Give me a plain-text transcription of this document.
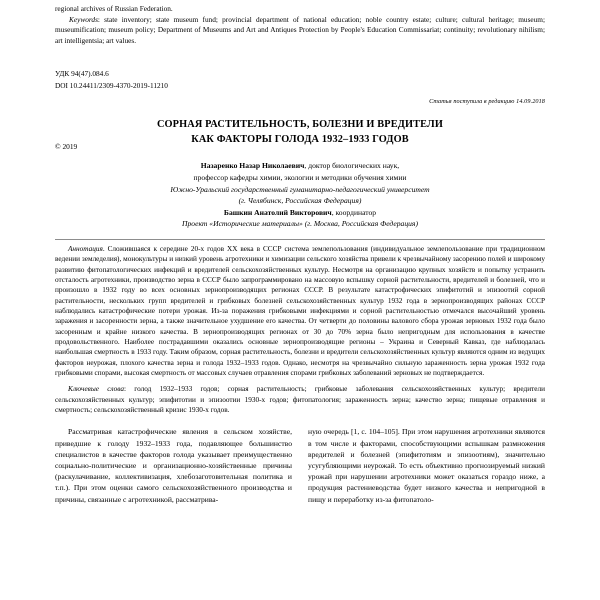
regional archives of Russian Federation.

Keywords: state inventory; state museum fund; provincial department of national education; noble country estate; culture; cultural heritage; museum; museumification; museum policy; Department of Museums and Art and Antiques Protection by People's Education Commissariat; continuity; revolutionary nihilism; art intelligentsia; art values.

УДК 94(47).084.6
DOI 10.24411/2309-4370-2019-11210
Статья поступила в редакцию 14.09.2018
СОРНАЯ РАСТИТЕЛЬНОСТЬ, БОЛЕЗНИ И ВРЕДИТЕЛИ
КАК ФАКТОРЫ ГОЛОДА 1932–1933 ГОДОВ
© 2019
Назаренко Назар Николаевич, доктор биологических наук,
профессор кафедры химии, экологии и методики обучения химии
Южно-Уральский государственный гуманитарно-педагогический университет
(г. Челябинск, Российская Федерация)
Башкин Анатолий Викторович, координатор
Проект «Исторические материалы» (г. Москва, Российская Федерация)

Аннотация. Сложившаяся к середине 20-х годов XX века в СССР система землепользования (индивидуальное землепользование при традиционном ведении земледелия), монокультуры и низкий уровень агротехники и химизации сельского хозяйства привели к чрезвычайному засорению полей и широкому развитию фитопатологических инфекций и вредителей сельскохозяйственных культур. Несмотря на организацию крупных хозяйств и попытку устранить отсталость агротехники, производство зерна в СССР было запрограммировано на массовую вспышку сорной растительности, вредителей и болезней, что и произошло в 1932 году во всех основных зернопроизводящих регионах СССР. В результате катастрофических эпифитотий и эпизоотий сорной растительности, нескольких групп вредителей и грибковых болезней сельскохозяйственных культур 1932 года в зернопроизводящих районах СССР наблюдались катастрофические потери урожая. Из-за поражения грибковыми инфекциями и сорной растительностью отмечался высочайший уровень заражения и засоренности зерна, а также значительное ухудшение его качества. От четверти до половины валового сбора урожая зерновых 1932 года было засоренным и крайне низкого качества. В зернопроизводящих регионах от 30 до 70% зерна было непригодным для использования в качестве продовольственного. Наиболее пострадавшими оказались основные зернопроизводящие регионы – Украина и Северный Кавказ, где наблюдалась наибольшая смертность в 1933 году. Таким образом, сорная растительность, болезни и вредители сельскохозяйственных культур являются одним из ведущих факторов неурожая, плохого качества зерна и голода 1932–1933 годов. Однако, несмотря на чрезвычайно сильную зараженность зерна урожая 1932 года грибковыми спорами, высокая смертность от массовых случаев отравления спорами грибковых заболеваний зерновых не подтверждается.

Ключевые слова: голод 1932–1933 годов; сорная растительность; грибковые заболевания сельскохозяйственных культур; вредители сельскохозяйственных культур; эпифитотии и эпизоотии 1930-х годов; фитопатология; зараженность зерна; качество зерна; пищевые отравления и смертность; сельскохозяйственный кризис 1930-х годов.

Рассматривая катастрофические явления в сельском хозяйстве, приведшие к голоду 1932–1933 года, подавляющее большинство специалистов в качестве факторов голода указывает преимущественно социально-политические и организационно-хозяйственные причины (раскулачивание, коллективизация, хлебозаготовительная политика и т.п.). При этом оценки самого сельскохозяйственного производства и причины, связанные с агротехникой, рассматрива-

ную очередь [1, с. 104–105]. При этом нарушения агротехники являются в том числе и факторами, способствующими вспышкам размножения вредителей и болезней (эпифитотиям и эпизоотиям), значительно усугубляющими неурожай. То есть объективно прогнозируемый низкий урожай при нарушении агротехники может оказаться гораздо ниже, а продукция растениеводства будет низкого качества и непригодной в пищу и переработку из-за фитопатоло-
